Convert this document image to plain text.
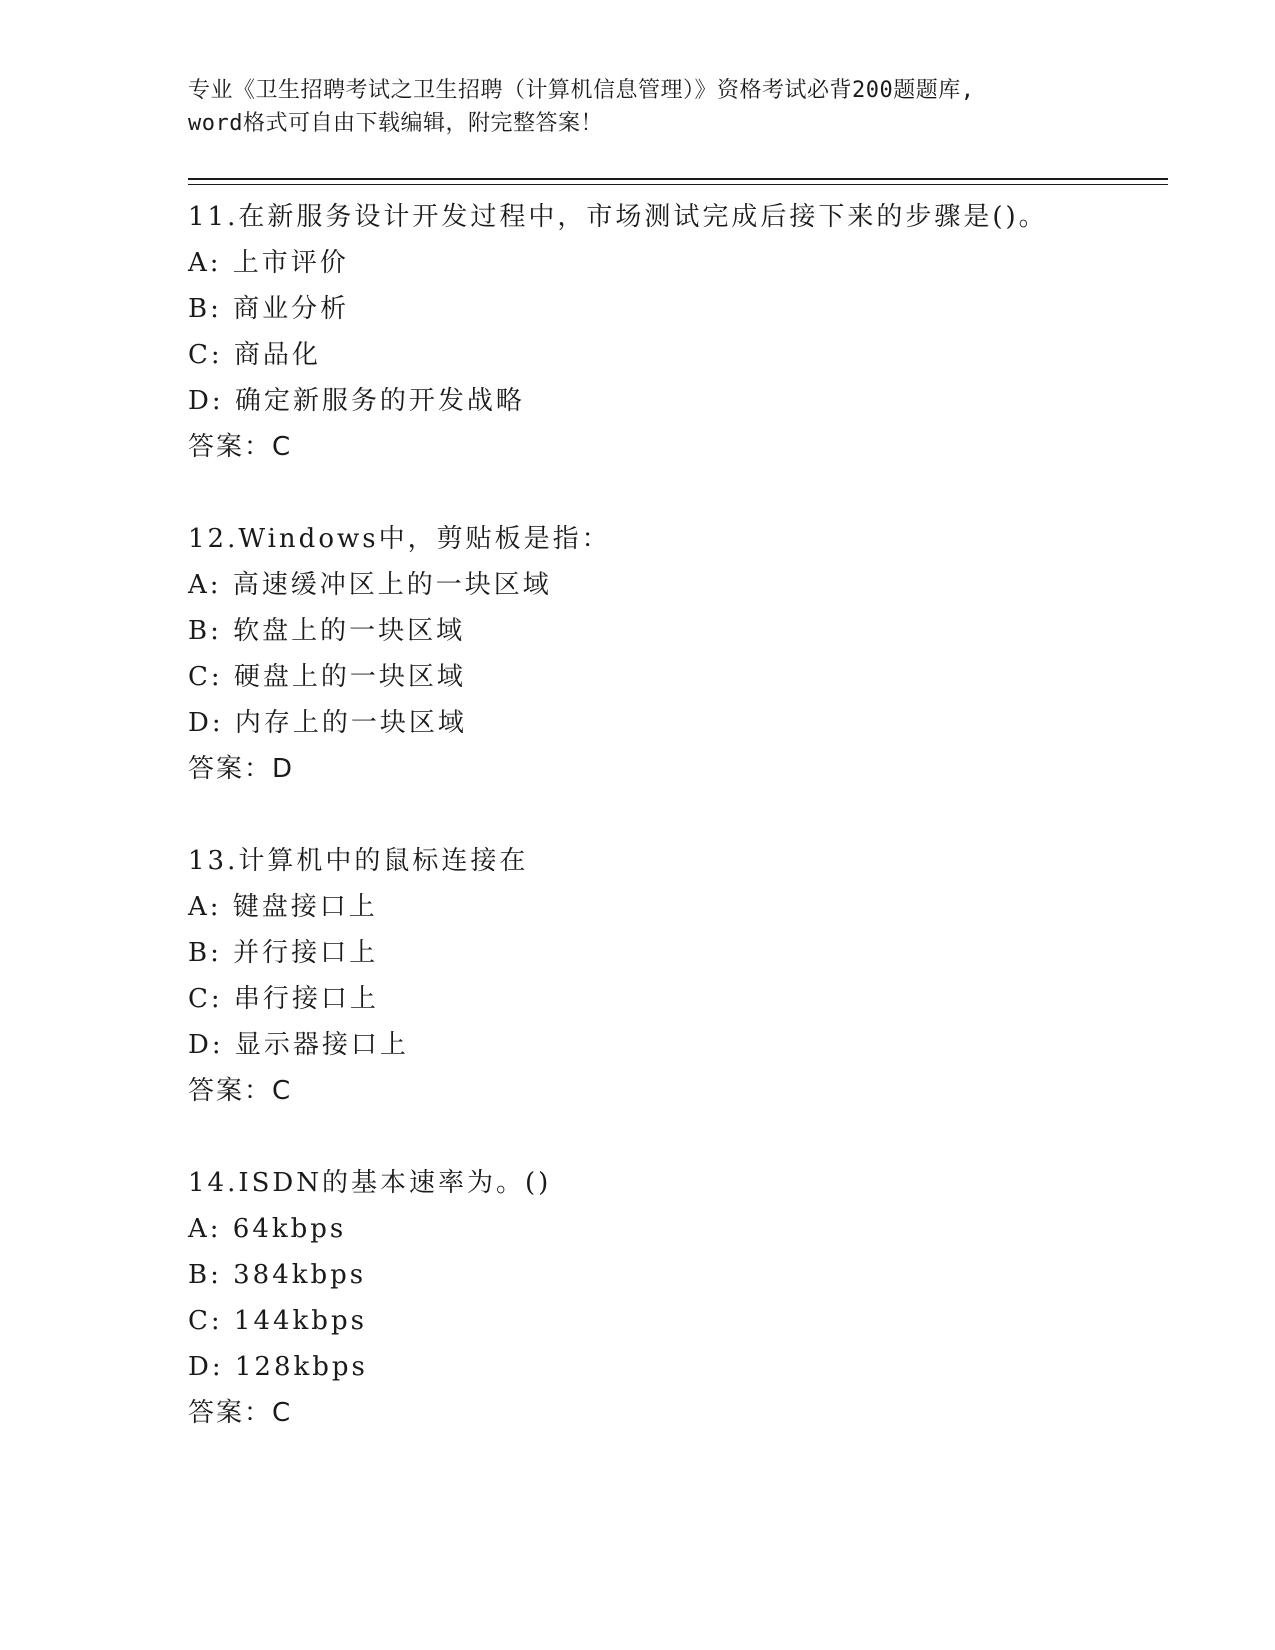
专业《卫生招聘考试之卫生招聘（计算机信息管理）》资格考试必背200题题库,
word格式可自由下载编辑，附完整答案！
11.在新服务设计开发过程中，市场测试完成后接下来的步骤是()。
A: 上市评价
B: 商业分析
C: 商品化
D: 确定新服务的开发战略
答案：C
12.Windows中，剪贴板是指：
A: 高速缓冲区上的一块区域
B: 软盘上的一块区域
C: 硬盘上的一块区域
D: 内存上的一块区域
答案：D
13.计算机中的鼠标连接在
A: 键盘接口上
B: 并行接口上
C: 串行接口上
D: 显示器接口上
答案：C
14.ISDN的基本速率为。()
A: 64kbps
B: 384kbps
C: 144kbps
D: 128kbps
答案：C
